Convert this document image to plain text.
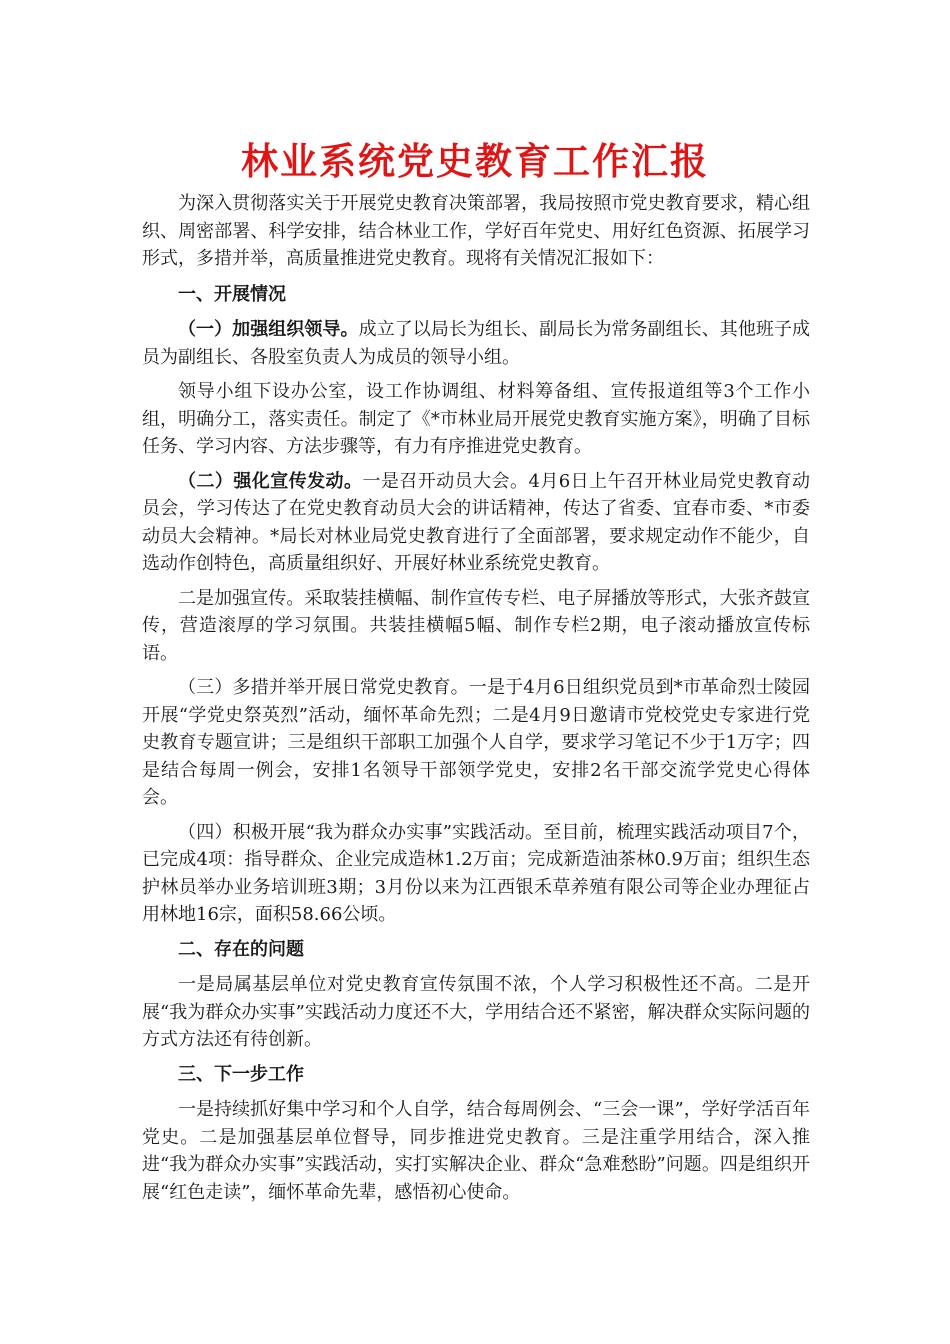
林业系统党史教育工作汇报

为深入贯彻落实关于开展党史教育决策部署，我局按照市党史教育要求，精心组织、周密部署、科学安排，结合林业工作，学好百年党史、用好红色资源、拓展学习形式，多措并举，高质量推进党史教育。现将有关情况汇报如下：

一、开展情况

（一）加强组织领导。成立了以局长为组长、副局长为常务副组长、其他班子成员为副组长、各股室负责人为成员的领导小组。

领导小组下设办公室，设工作协调组、材料筹备组、宣传报道组等3个工作小组，明确分工，落实责任。制定了《*市林业局开展党史教育实施方案》，明确了目标任务、学习内容、方法步骤等，有力有序推进党史教育。

（二）强化宣传发动。一是召开动员大会。4月6日上午召开林业局党史教育动员会，学习传达了在党史教育动员大会的讲话精神，传达了省委、宜春市委、*市委动员大会精神。*局长对林业局党史教育进行了全面部署，要求规定动作不能少，自选动作创特色，高质量组织好、开展好林业系统党史教育。

二是加强宣传。采取装挂横幅、制作宣传专栏、电子屏播放等形式，大张齐鼓宣传，营造滚厚的学习氛围。共装挂横幅5幅、制作专栏2期，电子滚动播放宣传标语。

（三）多措并举开展日常党史教育。一是于4月6日组织党员到*市革命烈士陵园开展“学党史祭英烈”活动，缅怀革命先烈；二是4月9日邀请市党校党史专家进行党史教育专题宣讲；三是组织干部职工加强个人自学，要求学习笔记不少于1万字；四是结合每周一例会，安排1名领导干部领学党史，安排2名干部交流学党史心得体会。

（四）积极开展“我为群众办实事”实践活动。至目前，梳理实践活动项目7个，已完成4项：指导群众、企业完成造林1.2万亩；完成新造油茶林0.9万亩；组织生态护林员举办业务培训班3期；3月份以来为江西银禾草养殖有限公司等企业办理征占用林地16宗，面积58.66公顷。

二、存在的问题

一是局属基层单位对党史教育宣传氛围不浓，个人学习积极性还不高。二是开展“我为群众办实事”实践活动力度还不大，学用结合还不紧密，解决群众实际问题的方式方法还有待创新。

三、下一步工作

一是持续抓好集中学习和个人自学，结合每周例会、“三会一课”，学好学活百年党史。二是加强基层单位督导，同步推进党史教育。三是注重学用结合，深入推进“我为群众办实事”实践活动，实打实解决企业、群众“急难愁盼”问题。四是组织开展“红色走读”，缅怀革命先辈，感悟初心使命。
